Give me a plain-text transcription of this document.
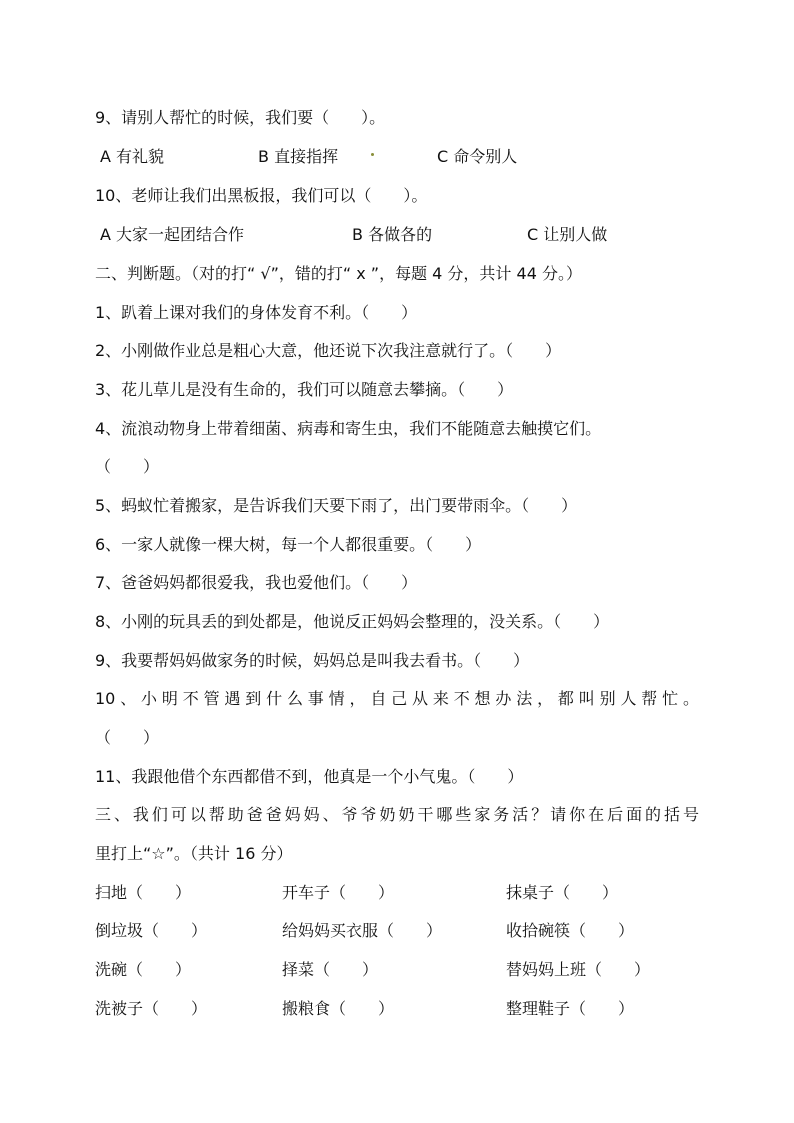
9、请别人帮忙的时候，我们要（　　）。
A 有礼貌	B 直接指挥	C 命令别人
10、老师让我们出黑板报，我们可以（　　）。
A 大家一起团结合作	B 各做各的	C 让别人做
二、判断题。（对的打“ √”，错的打“ x ”，每题 4 分，共计 44 分。）
1、趴着上课对我们的身体发育不利。（　　）
2、小刚做作业总是粗心大意，他还说下次我注意就行了。（　　）
3、花儿草儿是没有生命的，我们可以随意去攀摘。（　　）
4、流浪动物身上带着细菌、病毒和寄生虫，我们不能随意去触摸它们。
（　　）
5、蚂蚁忙着搬家，是告诉我们天要下雨了，出门要带雨伞。（　　）
6、一家人就像一棵大树，每一个人都很重要。（　　）
7、爸爸妈妈都很爱我，我也爱他们。（　　）
8、小刚的玩具丢的到处都是，他说反正妈妈会整理的，没关系。（　　）
9、我要帮妈妈做家务的时候，妈妈总是叫我去看书。（　　）
10、小明不管遇到什么事情，自己从来不想办法，都叫别人帮忙。
（　　）
11、我跟他借个东西都借不到，他真是一个小气鬼。（　　）
三、我们可以帮助爸爸妈妈、爷爷奶奶干哪些家务活？请你在后面的括号
里打上“☆”。（共计 16 分）
扫地（　　）	开车子（　　）	抹桌子（　　）
倒垃圾（　　）	给妈妈买衣服（　　）	收拾碗筷（　　）
洗碗（　　）	择菜（　　）	替妈妈上班（　　）
洗被子（　　）	搬粮食（　　）	整理鞋子（　　）
